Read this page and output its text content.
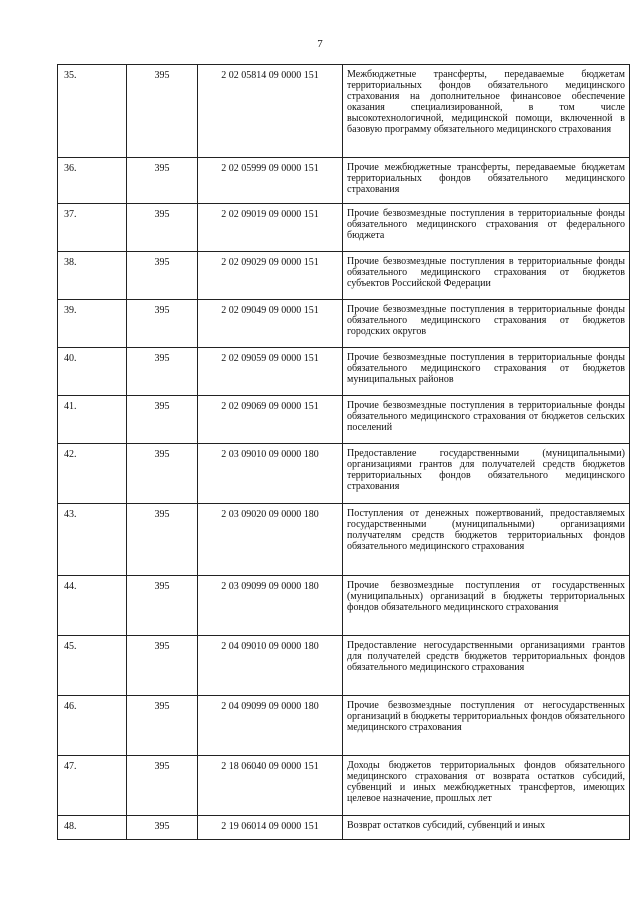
7
35.	395	2 02 05814 09 0000 151	Межбюджетные трансферты, передаваемые бюджетам территориальных фондов обязательного медицинского страхования на дополнительное финансовое обеспечение оказания специализированной, в том числе высокотехнологичной, медицинской помощи, включенной в базовую программу обязательного медицинского страхования
36.	395	2 02 05999 09 0000 151	Прочие межбюджетные трансферты, передаваемые бюджетам территориальных фондов обязательного медицинского страхования
37.	395	2 02 09019 09 0000 151	Прочие безвозмездные поступления в территориальные фонды обязательного медицинского страхования от федерального бюджета
38.	395	2 02 09029 09 0000 151	Прочие безвозмездные поступления в территориальные фонды обязательного медицинского страхования от бюджетов субъектов Российской Федерации
39.	395	2 02 09049 09 0000 151	Прочие безвозмездные поступления в территориальные фонды обязательного медицинского страхования от бюджетов городских округов
40.	395	2 02 09059 09 0000 151	Прочие безвозмездные поступления в территориальные фонды обязательного медицинского страхования от бюджетов муниципальных районов
41.	395	2 02 09069 09 0000 151	Прочие безвозмездные поступления в территориальные фонды обязательного медицинского страхования от бюджетов сельских поселений
42.	395	2 03 09010 09 0000 180	Предоставление государственными (муниципальными) организациями грантов для получателей средств бюджетов территориальных фондов обязательного медицинского страхования
43.	395	2 03 09020 09 0000 180	Поступления от денежных пожертвований, предоставляемых государственными (муниципальными) организациями получателям средств бюджетов территориальных фондов обязательного медицинского страхования
44.	395	2 03 09099 09 0000 180	Прочие безвозмездные поступления от государственных (муниципальных) организаций в бюджеты территориальных фондов обязательного медицинского страхования
45.	395	2 04 09010 09 0000 180	Предоставление негосударственными организациями грантов для получателей средств бюджетов территориальных фондов обязательного медицинского страхования
46.	395	2 04 09099 09 0000 180	Прочие безвозмездные поступления от негосударственных организаций в бюджеты территориальных фондов обязательного медицинского страхования
47.	395	2 18 06040 09 0000 151	Доходы бюджетов территориальных фондов обязательного медицинского страхования от возврата остатков субсидий, субвенций и иных межбюджетных трансфертов, имеющих целевое назначение, прошлых лет
48.	395	2 19 06014 09 0000 151	Возврат остатков субсидий, субвенций и иных
